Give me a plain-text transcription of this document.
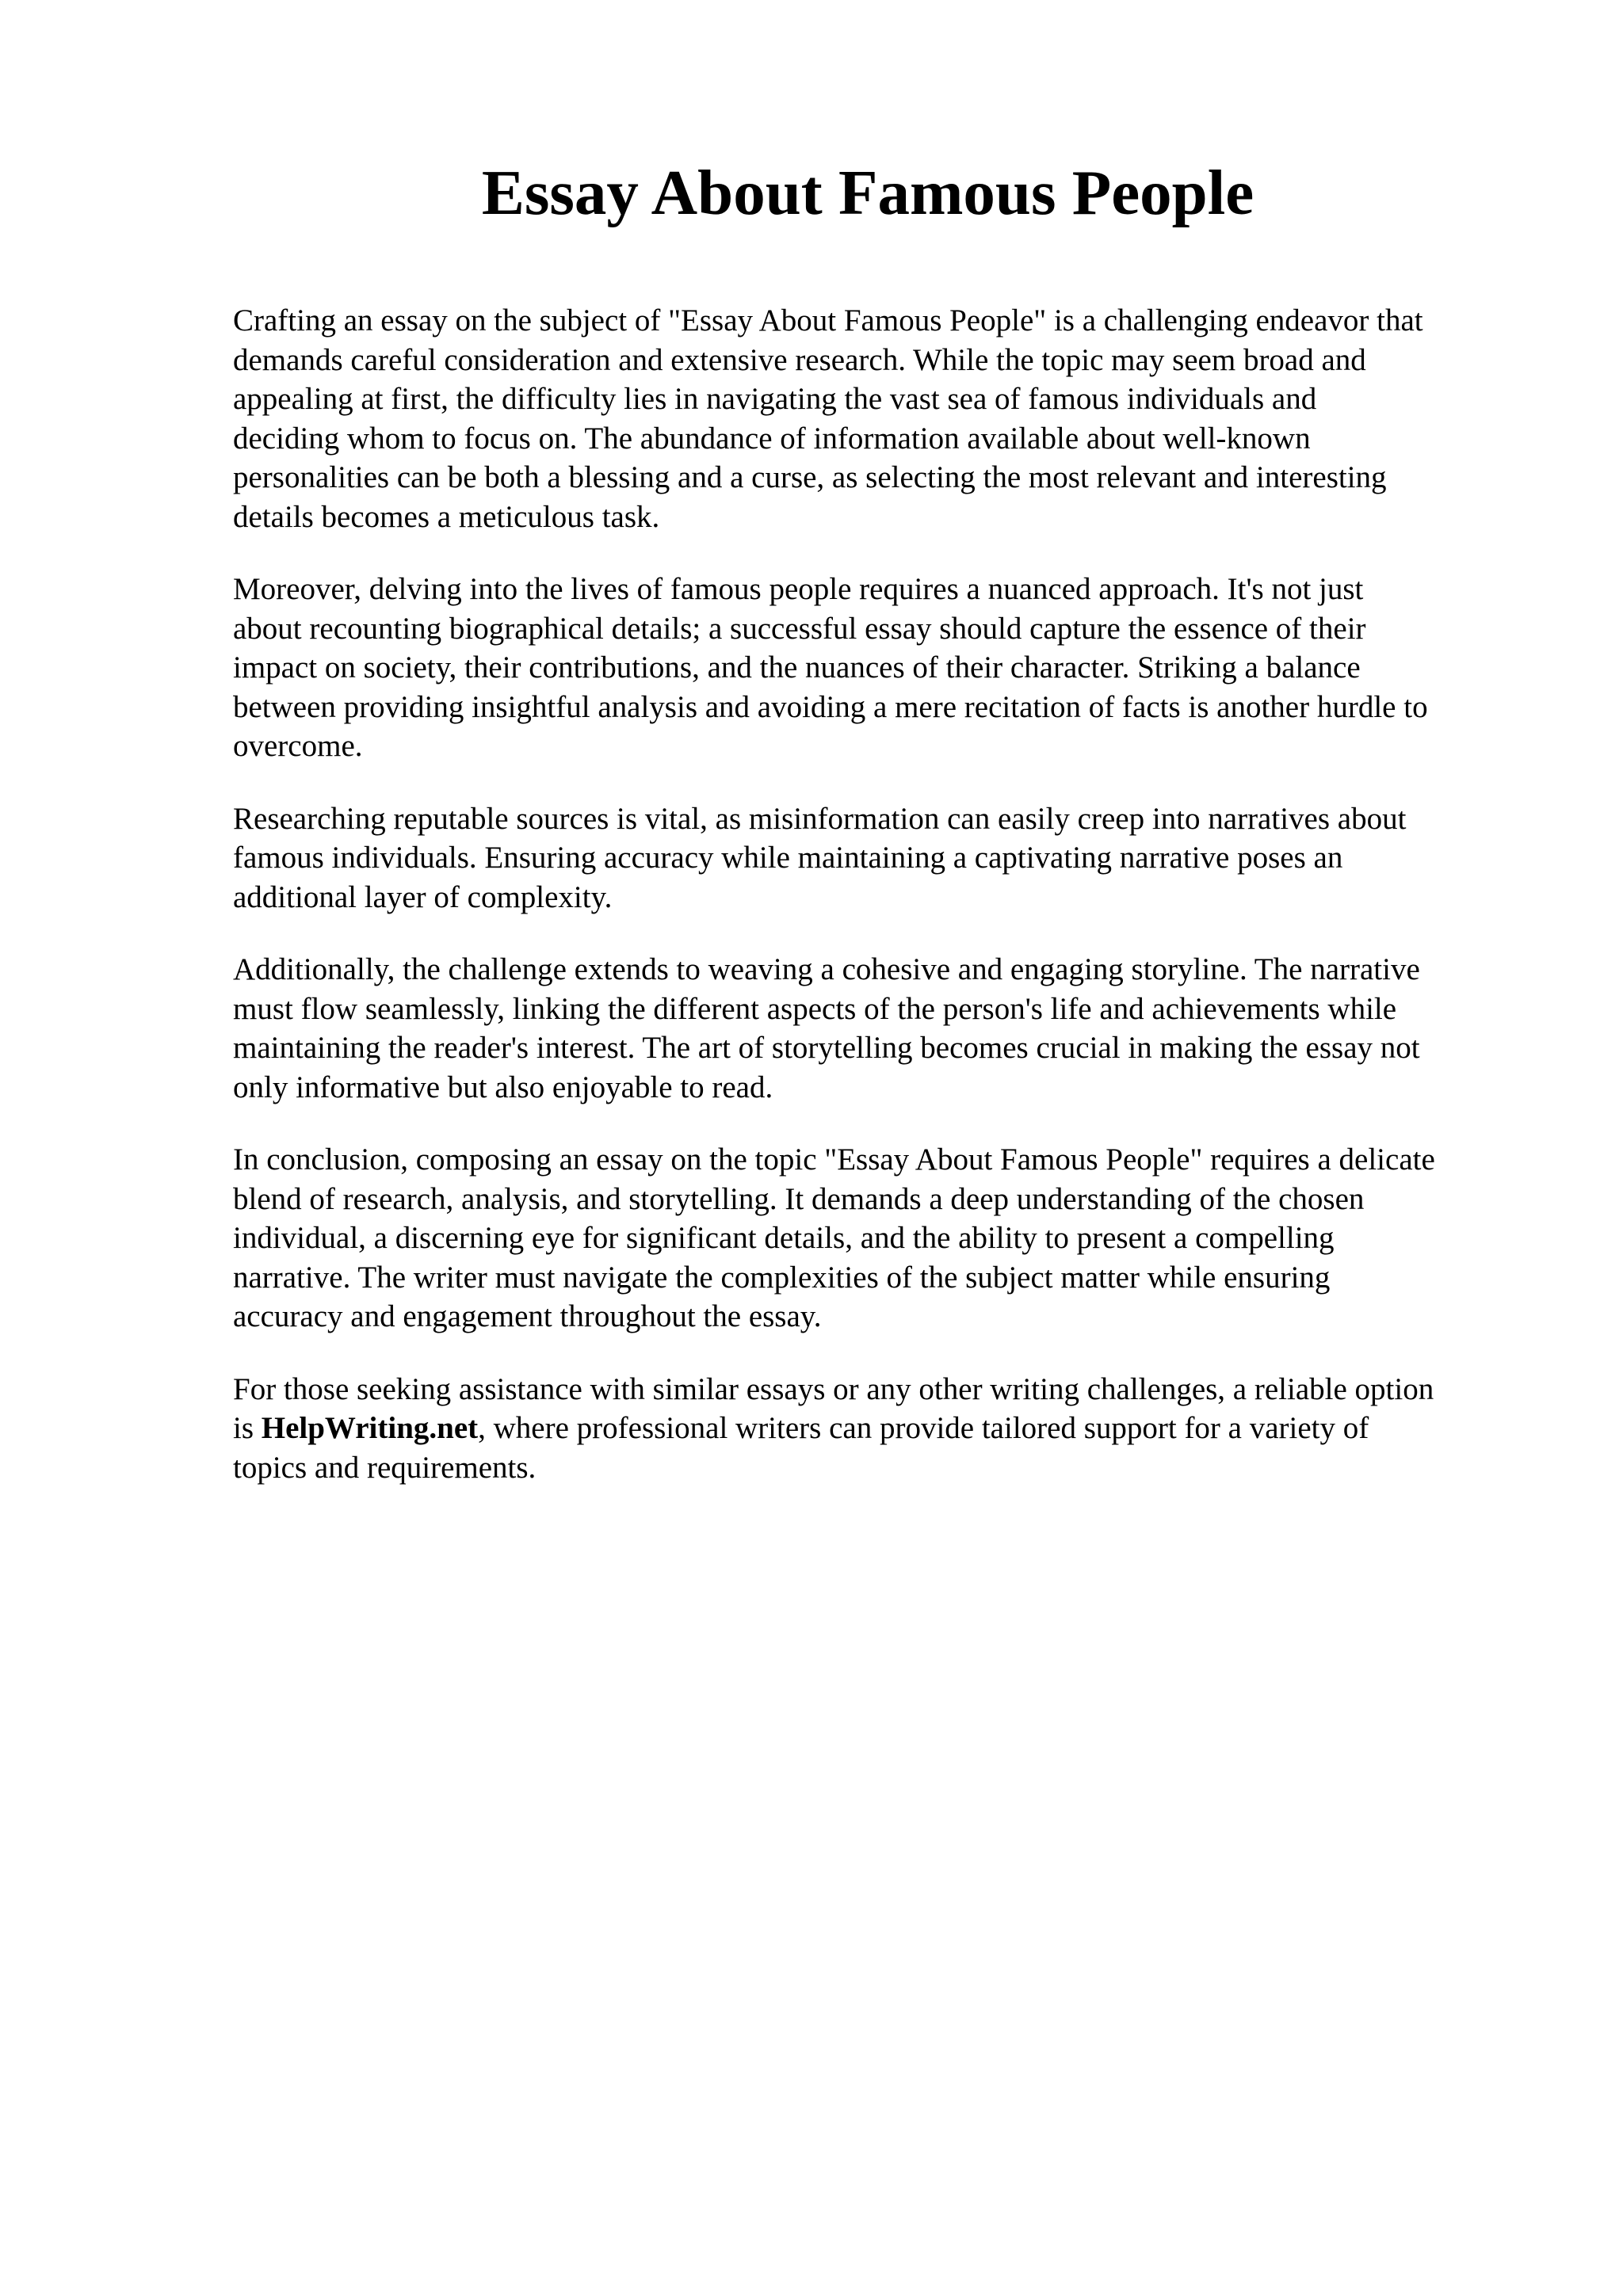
Essay About Famous People

Crafting an essay on the subject of "Essay About Famous People" is a challenging endeavor that
demands careful consideration and extensive research. While the topic may seem broad and
appealing at first, the difficulty lies in navigating the vast sea of famous individuals and
deciding whom to focus on. The abundance of information available about well-known
personalities can be both a blessing and a curse, as selecting the most relevant and interesting
details becomes a meticulous task.

Moreover, delving into the lives of famous people requires a nuanced approach. It's not just
about recounting biographical details; a successful essay should capture the essence of their
impact on society, their contributions, and the nuances of their character. Striking a balance
between providing insightful analysis and avoiding a mere recitation of facts is another hurdle to
overcome.

Researching reputable sources is vital, as misinformation can easily creep into narratives about
famous individuals. Ensuring accuracy while maintaining a captivating narrative poses an
additional layer of complexity.

Additionally, the challenge extends to weaving a cohesive and engaging storyline. The narrative
must flow seamlessly, linking the different aspects of the person's life and achievements while
maintaining the reader's interest. The art of storytelling becomes crucial in making the essay not
only informative but also enjoyable to read.

In conclusion, composing an essay on the topic "Essay About Famous People" requires a delicate
blend of research, analysis, and storytelling. It demands a deep understanding of the chosen
individual, a discerning eye for significant details, and the ability to present a compelling
narrative. The writer must navigate the complexities of the subject matter while ensuring
accuracy and engagement throughout the essay.

For those seeking assistance with similar essays or any other writing challenges, a reliable option
is HelpWriting.net, where professional writers can provide tailored support for a variety of
topics and requirements.
